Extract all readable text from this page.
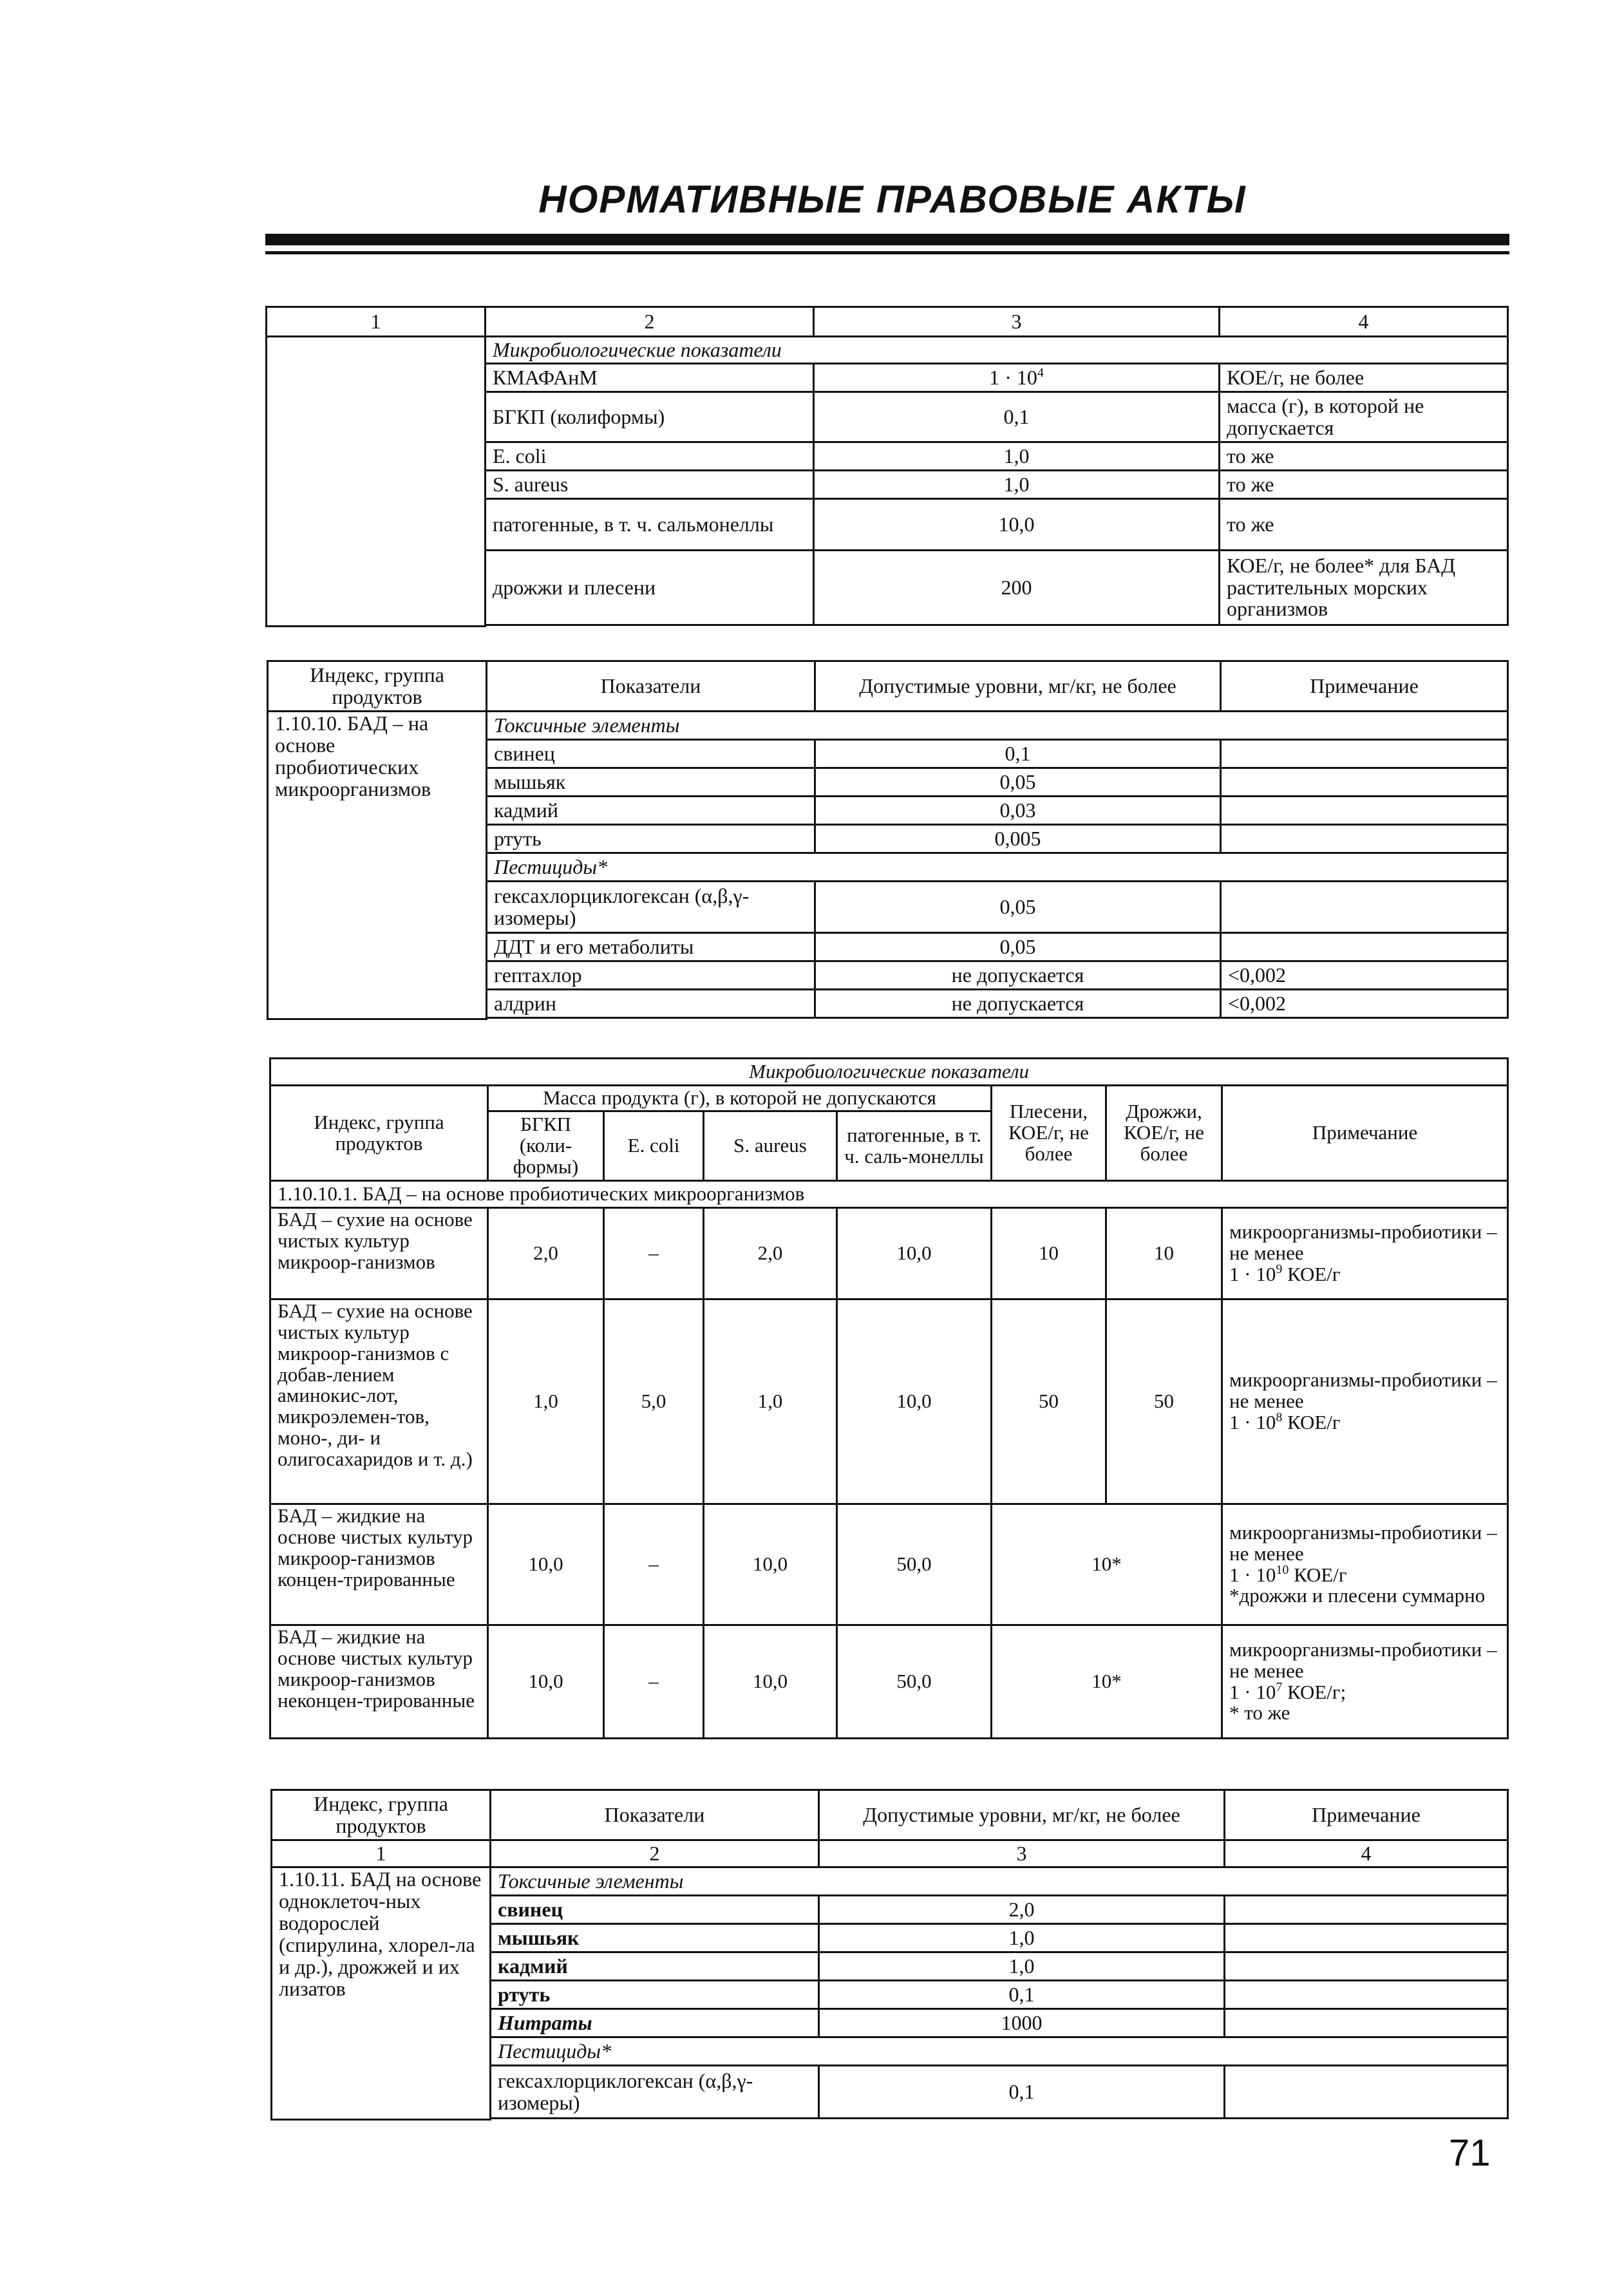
НОРМАТИВНЫЕ ПРАВОВЫЕ АКТЫ
1	2	3	4
	Микробиологические показатели		
	КМАФАнМ	$1 \cdot 10^4$	КОЕ/г, не более
	БГКП (колиформы)	0,1	масса (г), в которой не допускается
	E. coli	1,0	то же
	S. aureus	1,0	то же
	патогенные, в т. ч. сальмонеллы	10,0	то же
	дрожжи и плесени	200	КОЕ/г, не более* для БАД растительных морских организмов

Индекс, группа продуктов	Показатели	Допустимые уровни, мг/кг, не более	Примечание
1.10.10. БАД – на основе пробиотических микроорганизмов	Токсичные элементы		
	свинец	0,1	
	мышьяк	0,05	
	кадмий	0,03	
	ртуть	0,005	
	Пестициды*		
	гексахлорциклогексан (α,β,γ-изомеры)	0,05	
	ДДТ и его метаболиты	0,05	
	гептахлор	не допускается	<0,002
	алдрин	не допускается	<0,002

Микробиологические показатели							
Индекс, группа продуктов	Масса продукта (г), в которой не допускаются				Плесени, КОЕ/г, не более	Дрожжи, КОЕ/г, не более	Примечание
	БГКП (коли-формы)	E. coli	S. aureus	патогенные, в т. ч. саль-монеллы			
1.10.10.1. БАД – на основе пробиотических микроорганизмов							
БАД – сухие на основе чистых культур микроор-ганизмов	2,0	–	2,0	10,0	10	10	микроорганизмы-пробиотики – не менее
$1 \cdot 10^9$ КОЕ/г
БАД – сухие на основе чистых культур микроор-ганизмов с добав-лением аминокис-лот, микроэлемен-тов, моно-, ди- и олигосахаридов и т. д.)	1,0	5,0	1,0	10,0	50	50	микроорганизмы-пробиотики – не менее
$1 \cdot 10^8$ КОЕ/г
БАД – жидкие на основе чистых культур микроор-ганизмов концен-трированные	10,0	–	10,0	50,0	10*		микроорганизмы-пробиотики – не менее
$1 \cdot 10^{10}$ КОЕ/г
*дрожжи и плесени суммарно
БАД – жидкие на основе чистых культур микроор-ганизмов неконцен-трированные	10,0	–	10,0	50,0	10*		микроорганизмы-пробиотики – не менее
$1 \cdot 10^7$ КОЕ/г;
* то же
Индекс, группа продуктов	Показатели	Допустимые уровни, мг/кг, не более	Примечание
1	2	3	4
1.10.11. БАД на основе одноклеточ-ных водорослей (спирулина, хлорел-ла и др.), дрожжей и их лизатов	Токсичные элементы		
	свинец	2,0	
	мышьяк	1,0	
	кадмий	1,0	
	ртуть	0,1	
	Нитраты	1000	
	Пестициды*		
	гексахлорциклогексан (α,β,γ-изомеры)	0,1	

71
